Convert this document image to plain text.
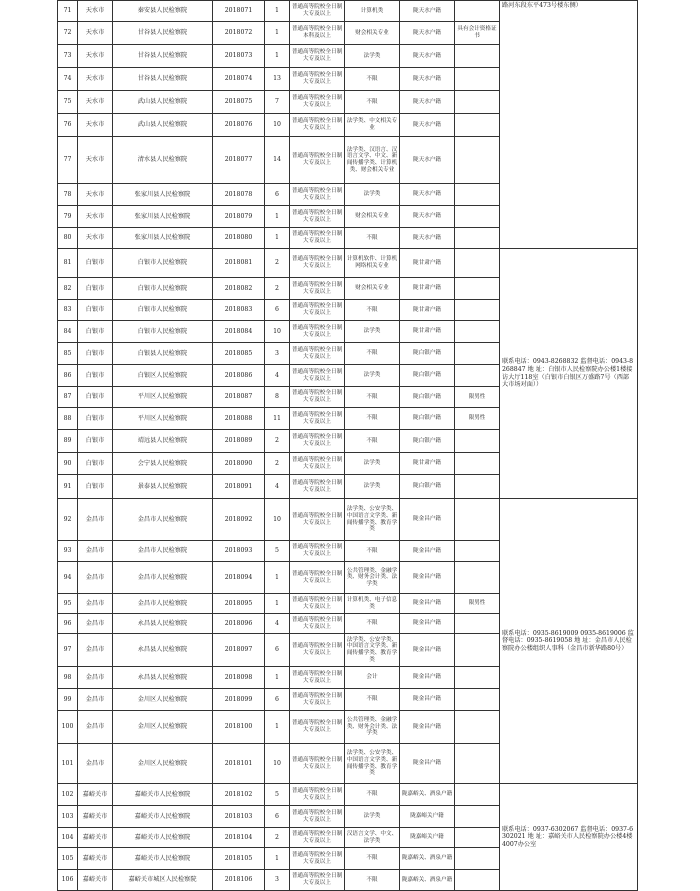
71	天水市	秦安县人民检察院	2018071	1	普通高等院校全日制大专及以上	计算机类	陇天水户籍		路河东段东平473号楼东侧）
72	天水市	甘谷县人民检察院	2018072	1	普通高等院校全日制本科及以上	财会相关专业	陇天水户籍	具有会计资格证书	
73	天水市	甘谷县人民检察院	2018073	1	普通高等院校全日制大专及以上	法学类	陇天水户籍		
74	天水市	甘谷县人民检察院	2018074	13	普通高等院校全日制大专及以上	不限	陇天水户籍		
75	天水市	武山县人民检察院	2018075	7	普通高等院校全日制大专及以上	不限	陇天水户籍		
76	天水市	武山县人民检察院	2018076	10	普通高等院校全日制大专及以上	法学类、中文相关专业	陇天水户籍		
77	天水市	清水县人民检察院	2018077	14	普通高等院校全日制大专及以上	法学类、汉语言、汉语言文学、中文、新闻传播学类、计算机类、财会相关专业	陇天水户籍		
78	天水市	张家川县人民检察院	2018078	6	普通高等院校全日制大专及以上	法学类	陇天水户籍		
79	天水市	张家川县人民检察院	2018079	1	普通高等院校全日制大专及以上	财会相关专业	陇天水户籍		
80	天水市	张家川县人民检察院	2018080	1	普通高等院校全日制大专及以上	不限	陇天水户籍		
81	白银市	白银市人民检察院	2018081	2	普通高等院校全日制大专及以上	计算机软件、计算机网络相关专业	陇甘肃户籍		联系电话：0943-8268832 监督电话：0943-8268847 地 址：白银市人民检察院办公楼1楼接访大厅118室（白银市白银区万盛路7号（西部大市场对面））
82	白银市	白银市人民检察院	2018082	2	普通高等院校全日制大专及以上	财会相关专业	陇甘肃户籍		
83	白银市	白银市人民检察院	2018083	6	普通高等院校全日制大专及以上	不限	陇甘肃户籍		
84	白银市	白银市人民检察院	2018084	10	普通高等院校全日制大专及以上	法学类	陇甘肃户籍		
85	白银市	白银县人民检察院	2018085	3	普通高等院校全日制大专及以上	不限	陇白银户籍		
86	白银市	白银区人民检察院	2018086	4	普通高等院校全日制大专及以上	法学类	陇白银户籍		
87	白银市	平川区人民检察院	2018087	8	普通高等院校全日制大专及以上	不限	陇白银户籍	限男性	
88	白银市	平川区人民检察院	2018088	11	普通高等院校全日制大专及以上	不限	陇白银户籍	限男性	
89	白银市	靖远县人民检察院	2018089	2	普通高等院校全日制大专及以上	不限	陇白银户籍		
90	白银市	会宁县人民检察院	2018090	2	普通高等院校全日制大专及以上	法学类	陇甘肃户籍		
91	白银市	景泰县人民检察院	2018091	4	普通高等院校全日制大专及以上	法学类	陇白银户籍		
92	金昌市	金昌市人民检察院	2018092	10	普通高等院校全日制大专及以上	法学类、公安学类、中国语言文学类、新闻传播学类、教育学类	陇金昌户籍		联系电话：0935-8619009 0935-8619006 监督电话：0935-8619058 地 址：金昌市人民检察院办公楼组织人事科（金昌市新华路80号）
93	金昌市	金昌市人民检察院	2018093	5	普通高等院校全日制大专及以上	不限	陇金昌户籍		
94	金昌市	金昌市人民检察院	2018094	1	普通高等院校全日制大专及以上	公共管理类、金融学类、财务会计类、法学类	陇金昌户籍		
95	金昌市	金昌市人民检察院	2018095	1	普通高等院校全日制大专及以上	计算机类、电子信息类	陇金昌户籍	限男性	
96	金昌市	永昌县人民检察院	2018096	4	普通高等院校全日制大专及以上	不限	陇金昌户籍		
97	金昌市	永昌县人民检察院	2018097	6	普通高等院校全日制大专及以上	法学类、公安学类、中国语言文学类、新闻传播学类、教育学类	陇金昌户籍		
98	金昌市	永昌县人民检察院	2018098	1	普通高等院校全日制大专及以上	会计	陇金昌户籍		
99	金昌市	金川区人民检察院	2018099	6	普通高等院校全日制大专及以上	不限	陇金昌户籍		
100	金昌市	金川区人民检察院	2018100	1	普通高等院校全日制大专及以上	公共管理类、金融学类、财务会计类、法学类	陇金昌户籍		
101	金昌市	金川区人民检察院	2018101	10	普通高等院校全日制大专及以上	法学类、公安学类、中国语言文学类、新闻传播学类、教育学类	陇金昌户籍		
102	嘉峪关市	嘉峪关市人民检察院	2018102	5	普通高等院校全日制大专及以上	不限	陇嘉峪关、酒泉户籍		联系电话：0937-6302067 监督电话：0937-6302021 地 址：嘉峪关市人民检察院办公楼4楼4007办公室
103	嘉峪关市	嘉峪关市人民检察院	2018103	6	普通高等院校全日制大专及以上	法学类	陇嘉峪关户籍		
104	嘉峪关市	嘉峪关市人民检察院	2018104	2	普通高等院校全日制大专及以上	汉语言文学、中文、法学类	陇嘉峪关户籍		
105	嘉峪关市	嘉峪关市人民检察院	2018105	1	普通高等院校全日制大专及以上	不限	陇嘉峪关、酒泉户籍		
106	嘉峪关市	嘉峪关市城区人民检察院	2018106	3	普通高等院校全日制大专及以上	不限	陇嘉峪关、酒泉户籍		
